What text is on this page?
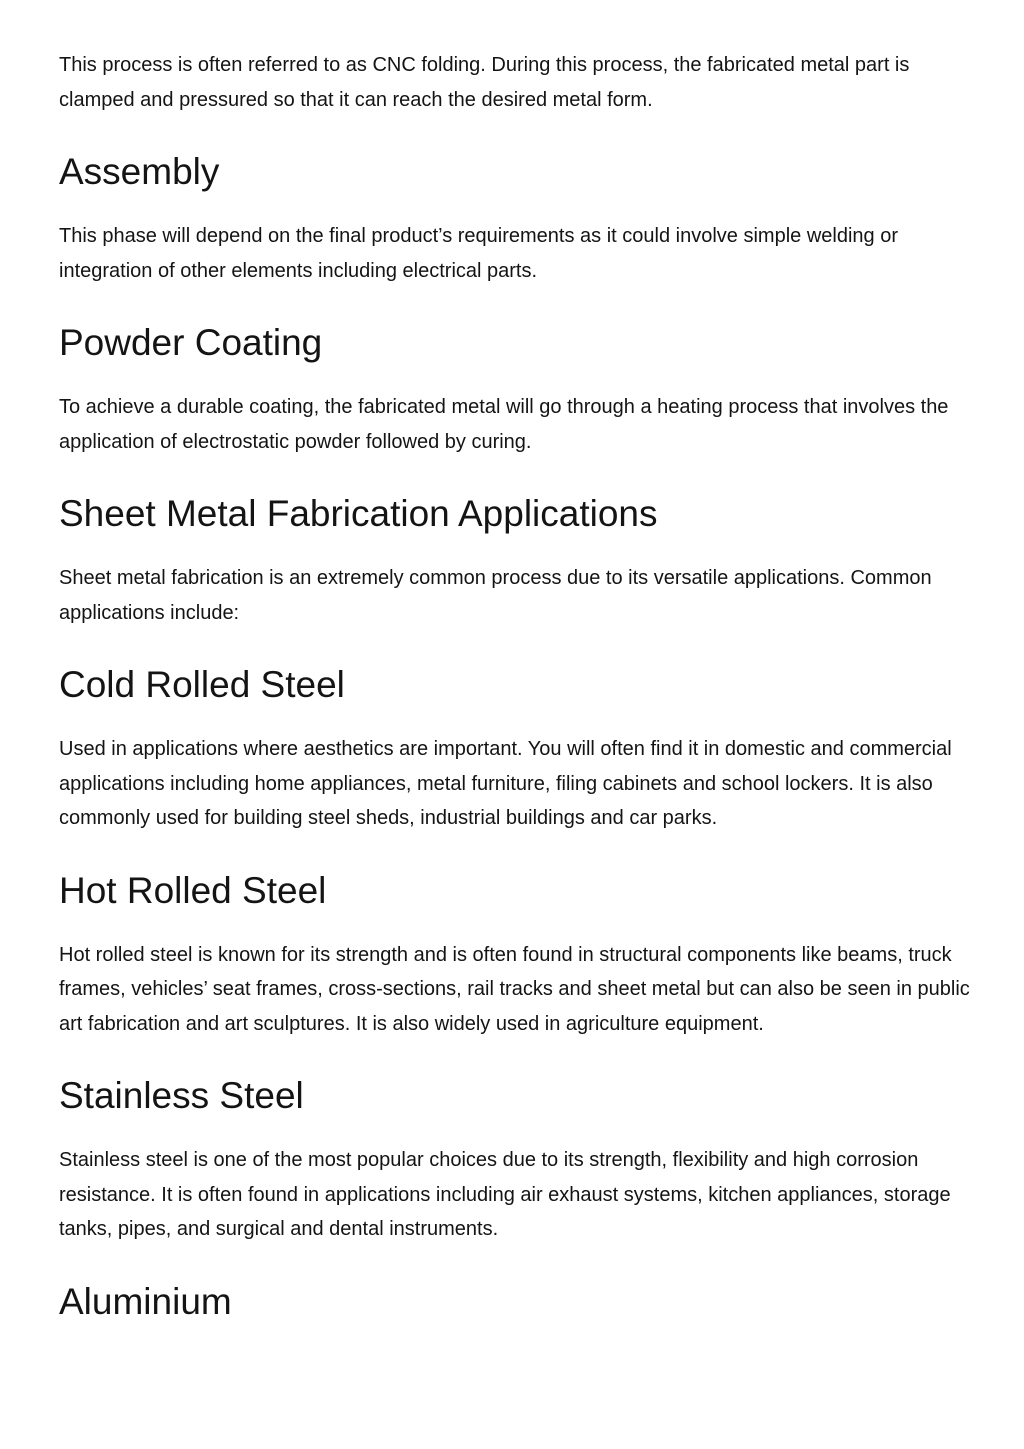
This process is often referred to as CNC folding. During this process, the fabricated metal part is clamped and pressured so that it can reach the desired metal form.

Assembly

This phase will depend on the final product’s requirements as it could involve simple welding or integration of other elements including electrical parts.

Powder Coating

To achieve a durable coating, the fabricated metal will go through a heating process that involves the application of electrostatic powder followed by curing.

Sheet Metal Fabrication Applications

Sheet metal fabrication is an extremely common process due to its versatile applications. Common applications include:

Cold Rolled Steel

Used in applications where aesthetics are important. You will often find it in domestic and commercial applications including home appliances, metal furniture, filing cabinets and school lockers. It is also commonly used for building steel sheds, industrial buildings and car parks.

Hot Rolled Steel

Hot rolled steel is known for its strength and is often found in structural components like beams, truck frames, vehicles’ seat frames, cross-sections, rail tracks and sheet metal but can also be seen in public art fabrication and art sculptures. It is also widely used in agriculture equipment.

Stainless Steel

Stainless steel is one of the most popular choices due to its strength, flexibility and high corrosion resistance. It is often found in applications including air exhaust systems, kitchen appliances, storage tanks, pipes, and surgical and dental instruments.

Aluminium
